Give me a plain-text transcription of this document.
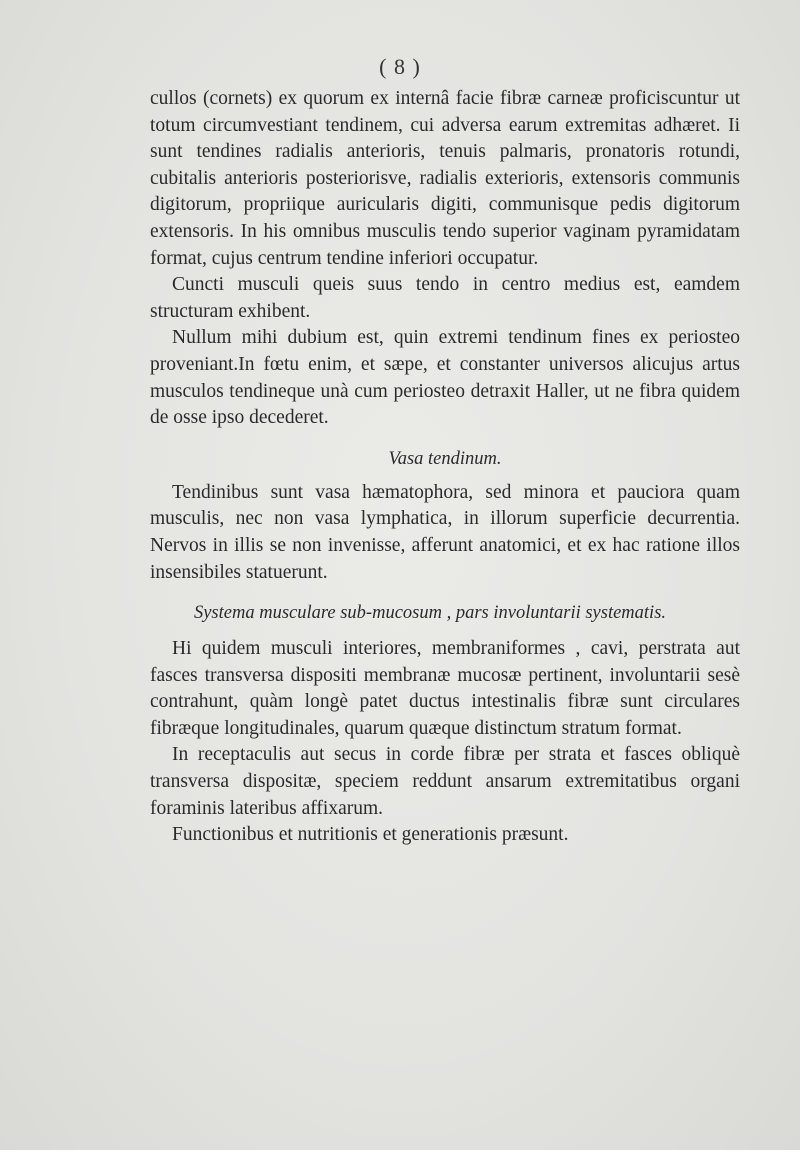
( 8 )

cullos (cornets) ex quorum ex internâ facie fibræ carneæ proficiscuntur ut totum circumvestiant tendinem, cui adversa earum extremitas adhæret. Ii sunt tendines radialis anterioris, tenuis palmaris, pronatoris rotundi, cubitalis anterioris posteriorisve, radialis exterioris, extensoris communis digitorum, propriique auricularis digiti, communisque pedis digitorum extensoris. In his omnibus musculis tendo superior vaginam pyramidatam format, cujus centrum tendine inferiori occupatur.

Cuncti musculi queis suus tendo in centro medius est, eamdem structuram exhibent.

Nullum mihi dubium est, quin extremi tendinum fines ex periosteo proveniant.In fœtu enim, et sæpe, et constanter universos alicujus artus musculos tendineque unà cum periosteo detraxit Haller, ut ne fibra quidem de osse ipso decederet.

Vasa tendinum.

Tendinibus sunt vasa hæmatophora, sed minora et pauciora quam musculis, nec non vasa lymphatica, in illorum superficie decurrentia. Nervos in illis se non invenisse, afferunt anatomici, et ex hac ratione illos insensibiles statuerunt.

Systema musculare sub-mucosum , pars involuntarii systematis.

Hi quidem musculi interiores, membraniformes , cavi, perstrata aut fasces transversa dispositi membranæ mucosæ pertinent, involuntarii sesè contrahunt, quàm longè patet ductus intestinalis fibræ sunt circulares fibræque longitudinales, quarum quæque distinctum stratum format.

In receptaculis aut secus in corde fibræ per strata et fasces obliquè transversa dispositæ, speciem reddunt ansarum extremitatibus organi foraminis lateribus affixarum.

Functionibus et nutritionis et generationis præsunt.
